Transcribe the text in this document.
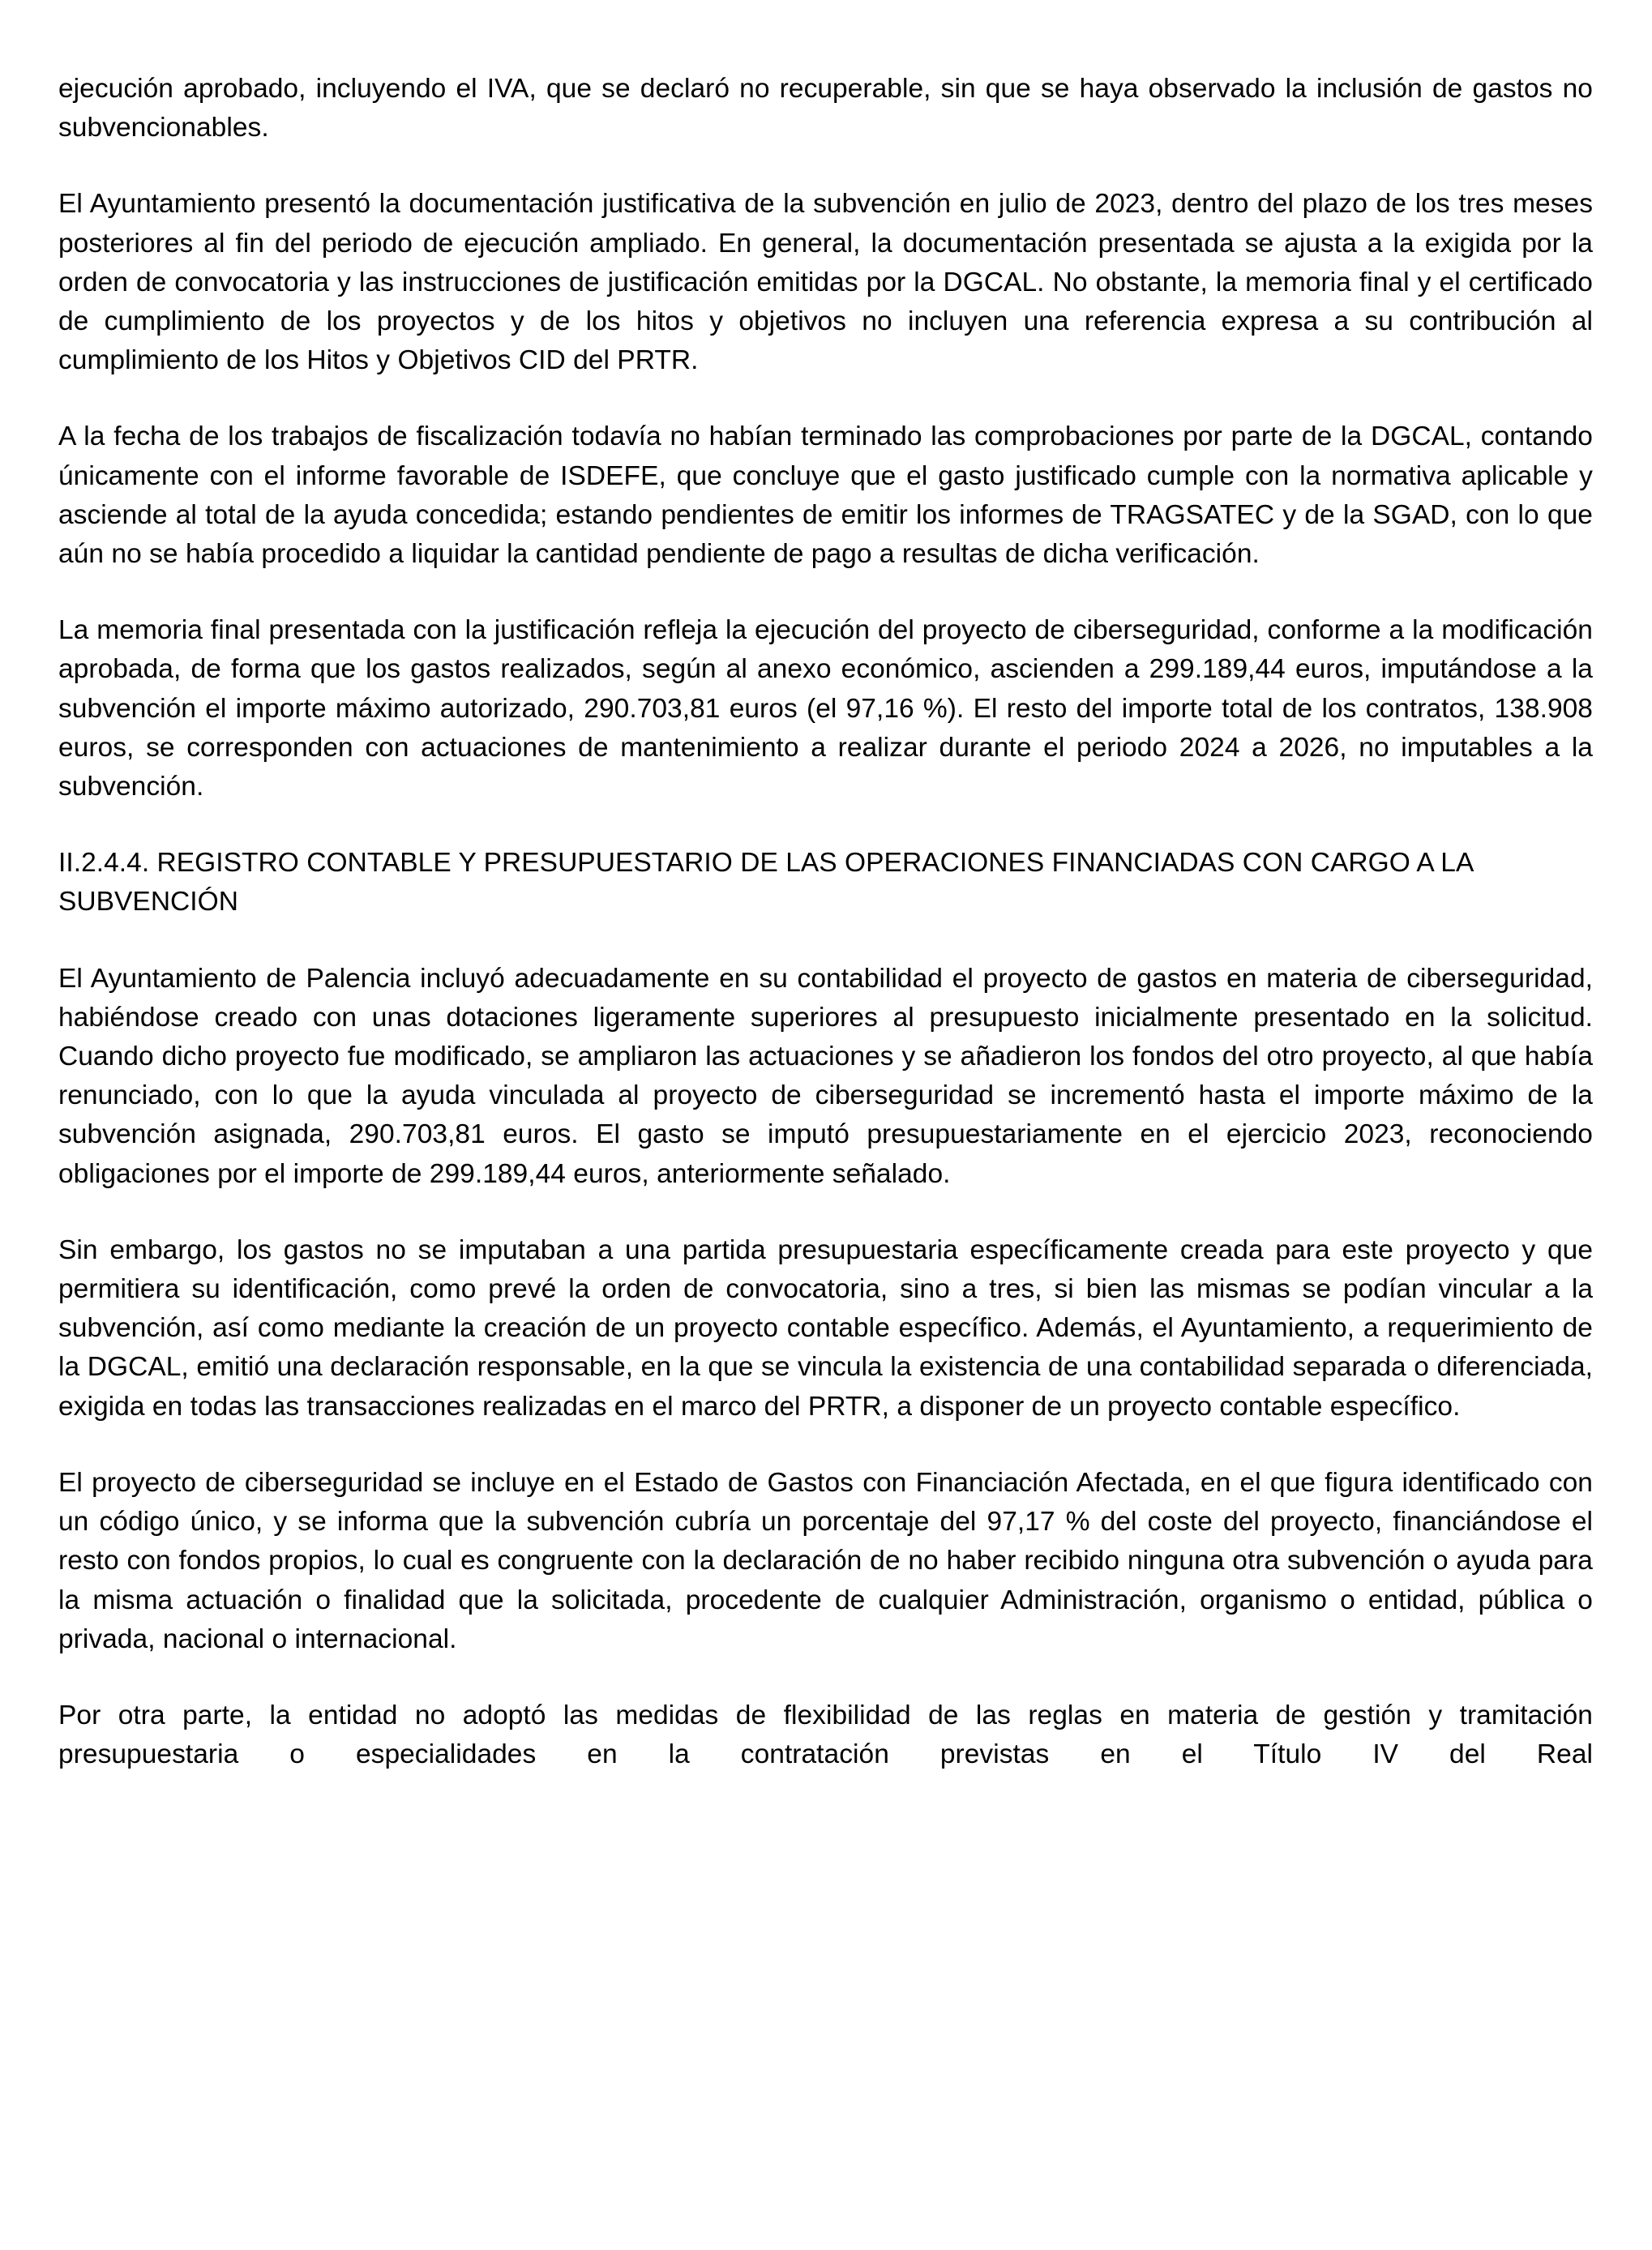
ejecución aprobado, incluyendo el IVA, que se declaró no recuperable, sin que se haya observado la inclusión de gastos no subvencionables.

El Ayuntamiento presentó la documentación justificativa de la subvención en julio de 2023, dentro del plazo de los tres meses posteriores al fin del periodo de ejecución ampliado. En general, la documentación presentada se ajusta a la exigida por la orden de convocatoria y las instrucciones de justificación emitidas por la DGCAL. No obstante, la memoria final y el certificado de cumplimiento de los proyectos y de los hitos y objetivos no incluyen una referencia expresa a su contribución al cumplimiento de los Hitos y Objetivos CID del PRTR.

A la fecha de los trabajos de fiscalización todavía no habían terminado las comprobaciones por parte de la DGCAL, contando únicamente con el informe favorable de ISDEFE, que concluye que el gasto justificado cumple con la normativa aplicable y asciende al total de la ayuda concedida; estando pendientes de emitir los informes de TRAGSATEC y de la SGAD, con lo que aún no se había procedido a liquidar la cantidad pendiente de pago a resultas de dicha verificación.

La memoria final presentada con la justificación refleja la ejecución del proyecto de ciberseguridad, conforme a la modificación aprobada, de forma que los gastos realizados, según al anexo económico, ascienden a 299.189,44 euros, imputándose a la subvención el importe máximo autorizado, 290.703,81 euros (el 97,16 %). El resto del importe total de los contratos, 138.908 euros, se corresponden con actuaciones de mantenimiento a realizar durante el periodo 2024 a 2026, no imputables a la subvención.

II.2.4.4. REGISTRO CONTABLE Y PRESUPUESTARIO DE LAS OPERACIONES FINANCIADAS CON CARGO A LA SUBVENCIÓN

El Ayuntamiento de Palencia incluyó adecuadamente en su contabilidad el proyecto de gastos en materia de ciberseguridad, habiéndose creado con unas dotaciones ligeramente superiores al presupuesto inicialmente presentado en la solicitud. Cuando dicho proyecto fue modificado, se ampliaron las actuaciones y se añadieron los fondos del otro proyecto, al que había renunciado, con lo que la ayuda vinculada al proyecto de ciberseguridad se incrementó hasta el importe máximo de la subvención asignada, 290.703,81 euros. El gasto se imputó presupuestariamente en el ejercicio 2023, reconociendo obligaciones por el importe de 299.189,44 euros, anteriormente señalado.

Sin embargo, los gastos no se imputaban a una partida presupuestaria específicamente creada para este proyecto y que permitiera su identificación, como prevé la orden de convocatoria, sino a tres, si bien las mismas se podían vincular a la subvención, así como mediante la creación de un proyecto contable específico. Además, el Ayuntamiento, a requerimiento de la DGCAL, emitió una declaración responsable, en la que se vincula la existencia de una contabilidad separada o diferenciada, exigida en todas las transacciones realizadas en el marco del PRTR, a disponer de un proyecto contable específico.

El proyecto de ciberseguridad se incluye en el Estado de Gastos con Financiación Afectada, en el que figura identificado con un código único, y se informa que la subvención cubría un porcentaje del 97,17 % del coste del proyecto, financiándose el resto con fondos propios, lo cual es congruente con la declaración de no haber recibido ninguna otra subvención o ayuda para la misma actuación o finalidad que la solicitada, procedente de cualquier Administración, organismo o entidad, pública o privada, nacional o internacional.

Por otra parte, la entidad no adoptó las medidas de flexibilidad de las reglas en materia de gestión y tramitación presupuestaria o especialidades en la contratación previstas en el Título IV del Real
